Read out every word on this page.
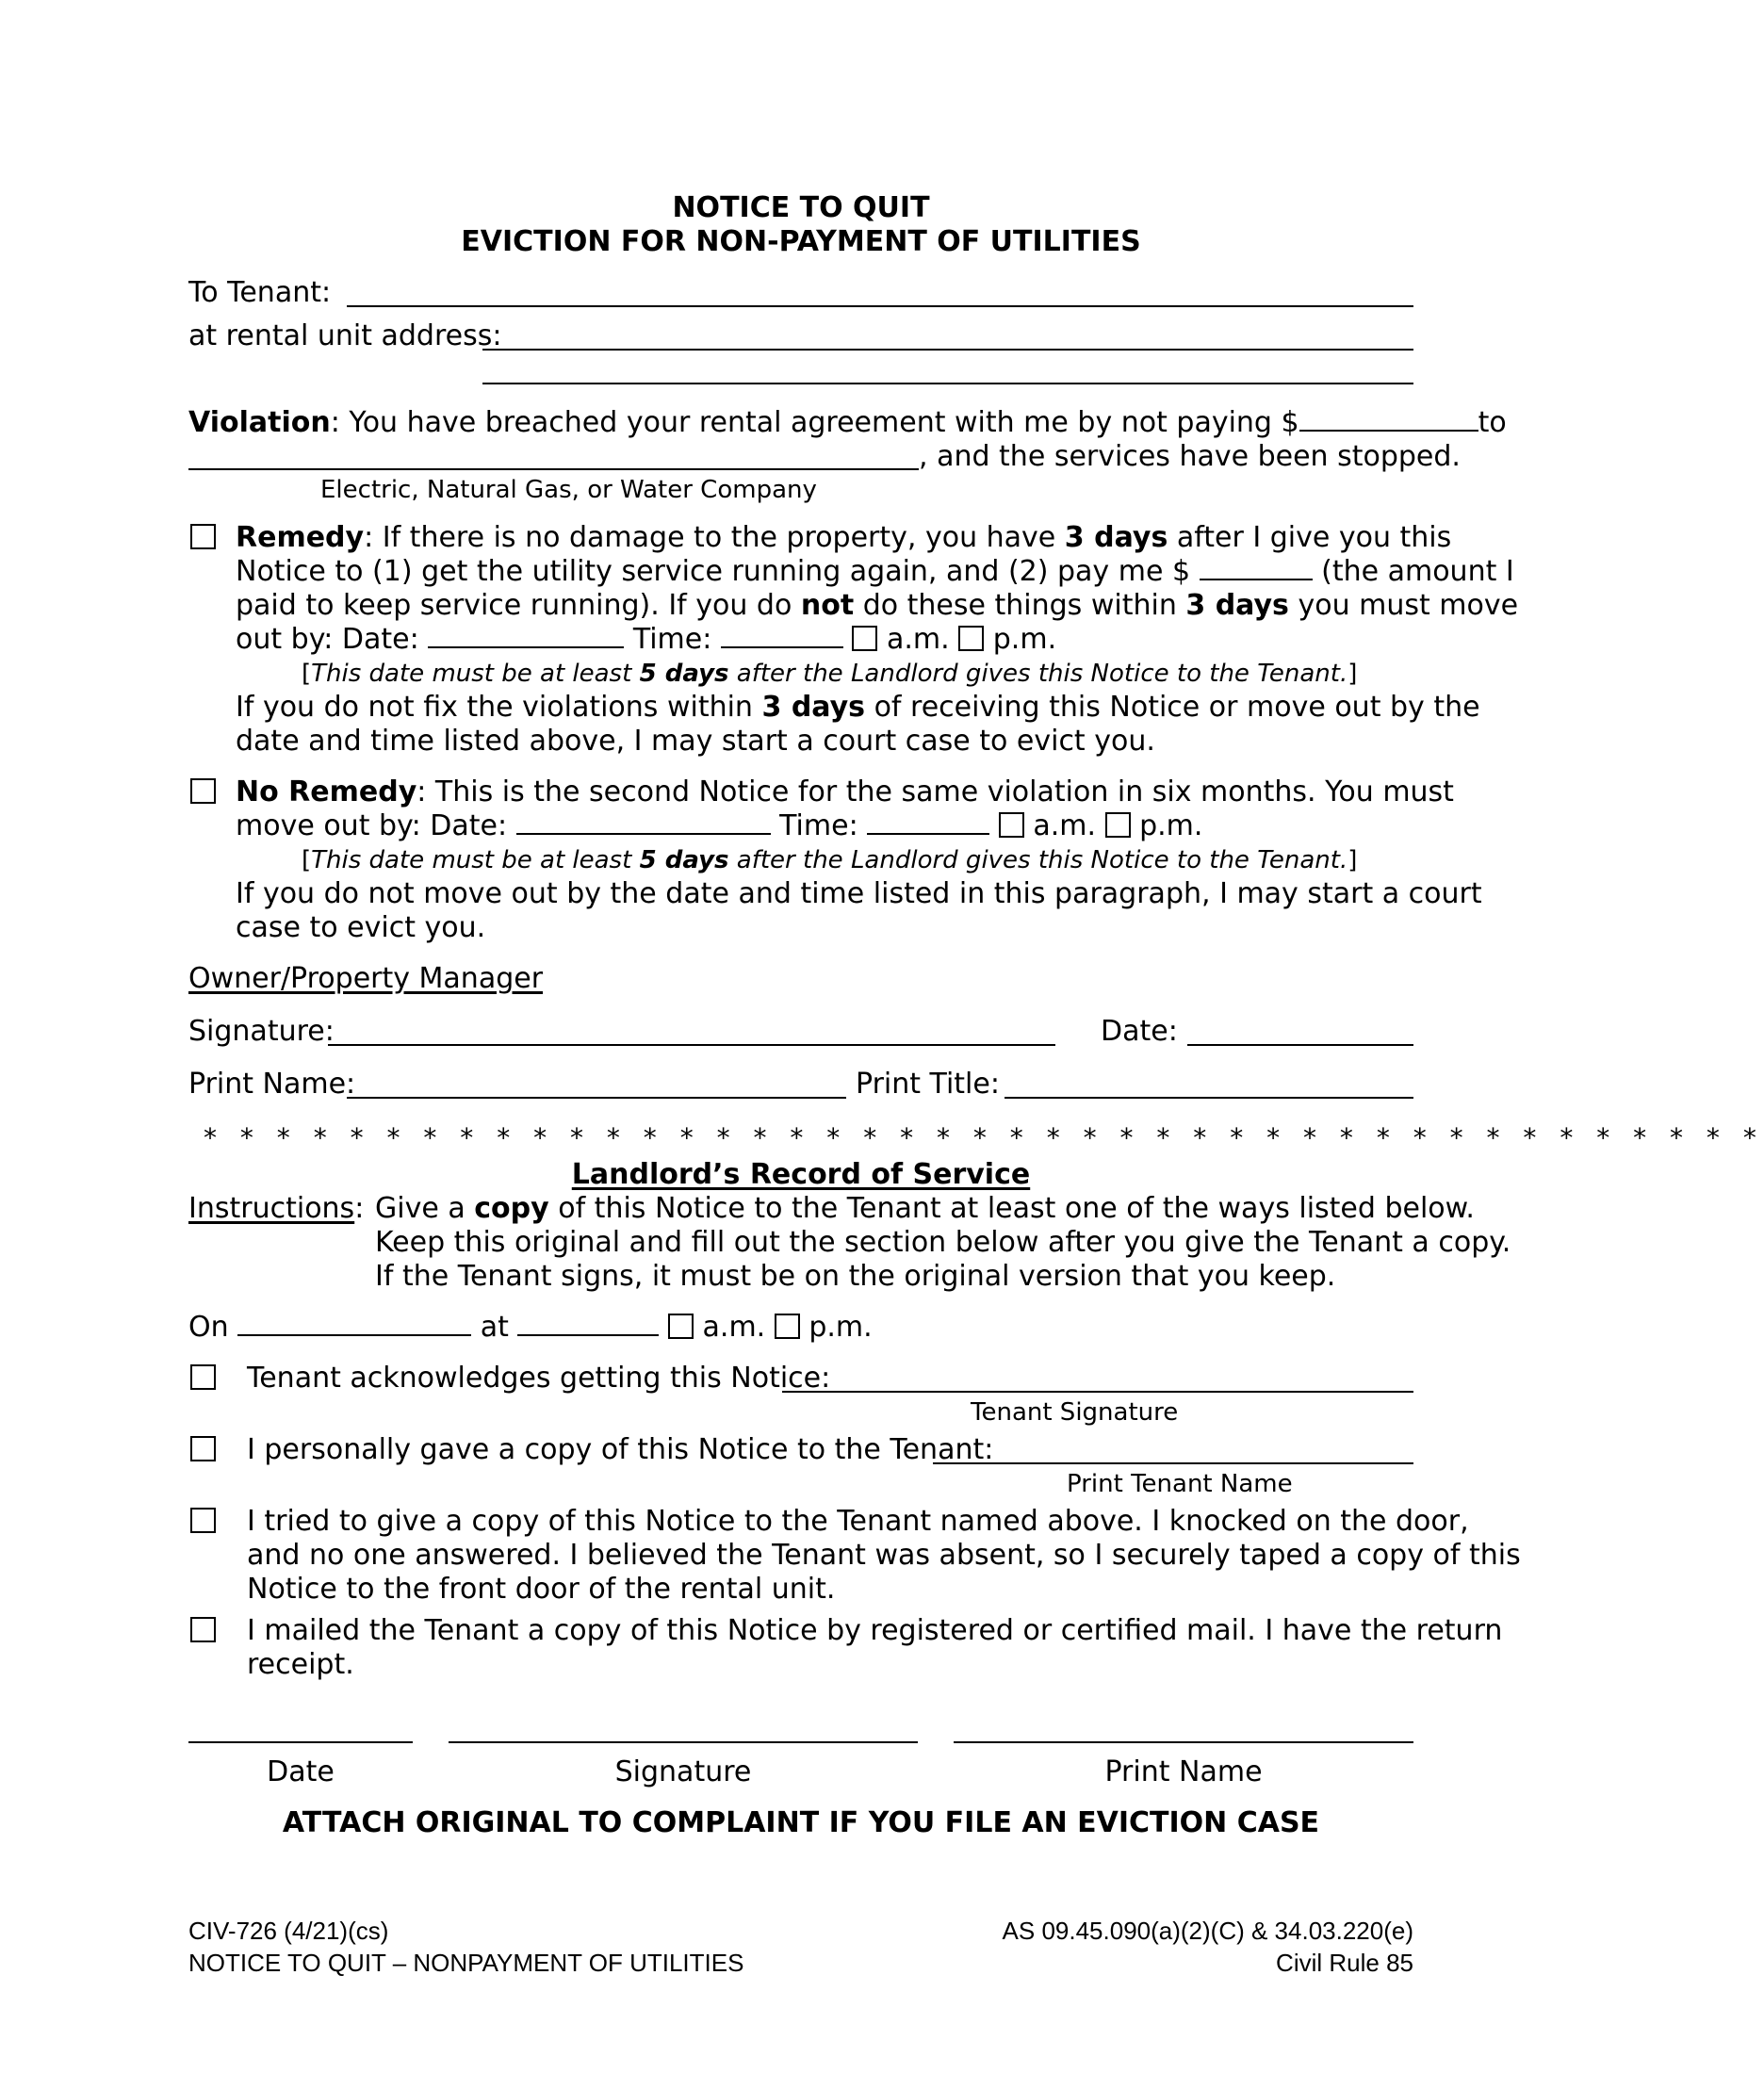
NOTICE TO QUIT
EVICTION FOR NON-PAYMENT OF UTILITIES
To Tenant:
at rental unit address:
Violation: You have breached your rental agreement with me by not paying $	to
, and the services have been stopped.
Electric, Natural Gas, or Water Company
Remedy: If there is no damage to the property, you have 3 days after I give you this
Notice to (1) get the utility service running again, and (2) pay me $	(the amount I
paid to keep service running). If you do not do these things within 3 days you must move
out by: Date:	Time:	a.m. p.m.
[This date must be at least 5 days after the Landlord gives this Notice to the Tenant.]
If you do not fix the violations within 3 days of receiving this Notice or move out by the
date and time listed above, I may start a court case to evict you.
No Remedy: This is the second Notice for the same violation in six months. You must
move out by: Date:	Time:	a.m. p.m.
[This date must be at least 5 days after the Landlord gives this Notice to the Tenant.]
If you do not move out by the date and time listed in this paragraph, I may start a court
case to evict you.
Owner/Property Manager
Signature:	Date:
Print Name:	Print Title:
* * * * * * * * * * * * * * * * * * * * * * * * * * * * * * * * * * * * * * * * * * *
Landlord’s Record of Service
Instructions: Give a copy of this Notice to the Tenant at least one of the ways listed below.
Keep this original and fill out the section below after you give the Tenant a copy.
If the Tenant signs, it must be on the original version that you keep.
On	at	a.m. p.m.
Tenant acknowledges getting this Notice:
Tenant Signature
I personally gave a copy of this Notice to the Tenant:
Print Tenant Name
I tried to give a copy of this Notice to the Tenant named above. I knocked on the door,
and no one answered. I believed the Tenant was absent, so I securely taped a copy of this
Notice to the front door of the rental unit.
I mailed the Tenant a copy of this Notice by registered or certified mail. I have the return
receipt.
Date	Signature	Print Name
ATTACH ORIGINAL TO COMPLAINT IF YOU FILE AN EVICTION CASE
CIV-726 (4/21)(cs)
NOTICE TO QUIT – NONPAYMENT OF UTILITIES
AS 09.45.090(a)(2)(C) & 34.03.220(e)
Civil Rule 85
